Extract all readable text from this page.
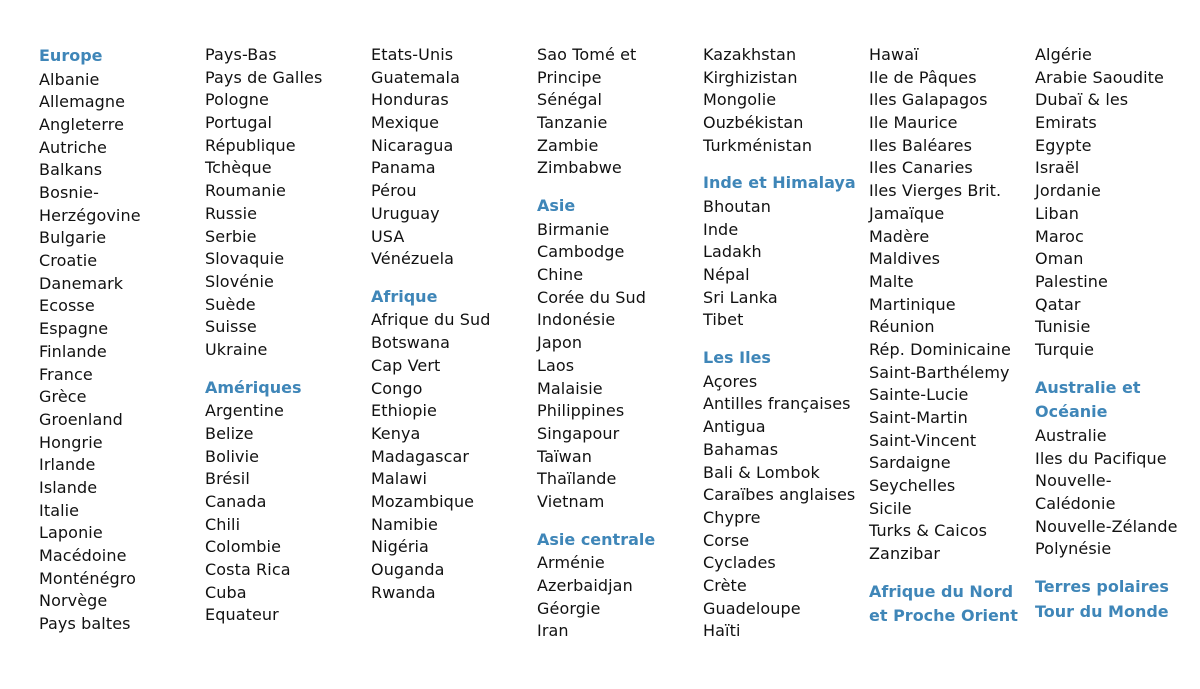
Europe
Albanie
Allemagne
Angleterre
Autriche
Balkans
Bosnie-
Herzégovine
Bulgarie
Croatie
Danemark
Ecosse
Espagne
Finlande
France
Grèce
Groenland
Hongrie
Irlande
Islande
Italie
Laponie
Macédoine
Monténégro
Norvège
Pays baltes
Pays-Bas
Pays de Galles
Pologne
Portugal
République
Tchèque
Roumanie
Russie
Serbie
Slovaquie
Slovénie
Suède
Suisse
Ukraine
Amériques
Argentine
Belize
Bolivie
Brésil
Canada
Chili
Colombie
Costa Rica
Cuba
Equateur
Etats-Unis
Guatemala
Honduras
Mexique
Nicaragua
Panama
Pérou
Uruguay
USA
Vénézuela
Afrique
Afrique du Sud
Botswana
Cap Vert
Congo
Ethiopie
Kenya
Madagascar
Malawi
Mozambique
Namibie
Nigéria
Ouganda
Rwanda
Sao Tomé et
Principe
Sénégal
Tanzanie
Zambie
Zimbabwe
Asie
Birmanie
Cambodge
Chine
Corée du Sud
Indonésie
Japon
Laos
Malaisie
Philippines
Singapour
Taïwan
Thaïlande
Vietnam
Asie centrale
Arménie
Azerbaidjan
Géorgie
Iran
Kazakhstan
Kirghizistan
Mongolie
Ouzbékistan
Turkménistan
Inde et Himalaya
Bhoutan
Inde
Ladakh
Népal
Sri Lanka
Tibet
Les Iles
Açores
Antilles françaises
Antigua
Bahamas
Bali & Lombok
Caraïbes anglaises
Chypre
Corse
Cyclades
Crète
Guadeloupe
Haïti
Hawaï
Ile de Pâques
Iles Galapagos
Ile Maurice
Iles Baléares
Iles Canaries
Iles Vierges Brit.
Jamaïque
Madère
Maldives
Malte
Martinique
Réunion
Rép. Dominicaine
Saint-Barthélemy
Sainte-Lucie
Saint-Martin
Saint-Vincent
Sardaigne
Seychelles
Sicile
Turks & Caicos
Zanzibar
Afrique du Nord
et Proche Orient
Algérie
Arabie Saoudite
Dubaï & les
Emirats
Egypte
Israël
Jordanie
Liban
Maroc
Oman
Palestine
Qatar
Tunisie
Turquie
Australie et
Océanie
Australie
Iles du Pacifique
Nouvelle-
Calédonie
Nouvelle-Zélande
Polynésie
Terres polaires
Tour du Monde
